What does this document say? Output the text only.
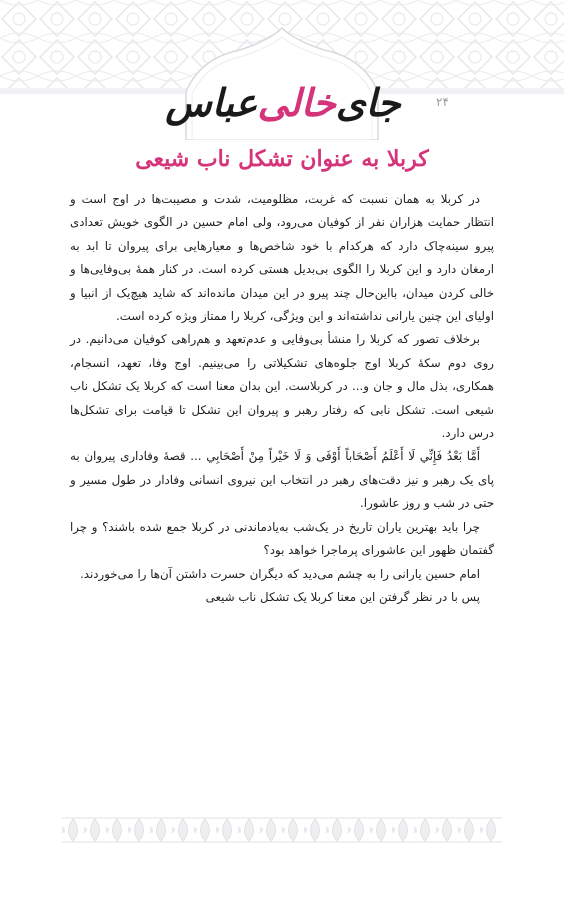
۲۴
جای
خالی
عباس
کربلا به عنوان تشکل ناب شیعی

در کربلا به همان نسبت که غربت، مظلومیت، شدت و مصیبت‌ها در اوج است و انتظار حمایت هزاران نفر از کوفیان می‌رود، ولی امام حسین در الگوی خویش تعدادی پیرو سینه‌چاک دارد که هرکدام با خود شاخص‌ها و معیارهایی برای پیروان تا ابد به ارمغان دارد و این کربلا را الگوی بی‌بدیل هستی کرده است. در کنار همهٔ بی‌وفایی‌ها و خالی کردن میدان، بااین‌حال چند پیرو در این میدان مانده‌اند که شاید هیچ‌یک از انبیا و اولیای این چنین یارانی نداشته‌اند و این ویژگی، کربلا را ممتاز ویژه کرده است.

برخلاف تصور که کربلا را منشأ بی‌وفایی و عدم‌تعهد و هم‌راهی کوفیان می‌دانیم. در روی دوم سکهٔ کربلا اوج جلوه‌های تشکیلاتی را می‌بینیم. اوج وفا، تعهد، انسجام، همکاری، بذل مال و جان و... در کربلاست. این بدان معنا است که کربلا یک تشکل ناب شیعی است. تشکل نابی که رفتار رهبر و پیروان این تشکل تا قیامت برای تشکل‌ها درس دارد.

أَمَّا بَعْدُ فَإِنِّي لَا أَعْلَمُ أَصْحَاباً أَوْفَى وَ لَا خَيْراً مِنْ أَصْحَابِي ... قصهٔ وفاداری پیروان به پای یک رهبر و نیز دقت‌های رهبر در انتخاب این نیروی انسانی وفادار در طول مسیر و حتی در شب و روز عاشورا.

چرا باید بهترین یاران تاریخ در یک‌شب به‌یادماندنی در کربلا جمع شده باشند؟ و چرا گفتمان ظهور این عاشورای پرماجرا خواهد بود؟

امام حسین یارانی را به چشم می‌دید که دیگران حسرت داشتن آن‌ها را می‌خوردند.

پس با در نظر گرفتن این معنا کربلا یک تشکل ناب شیعی
